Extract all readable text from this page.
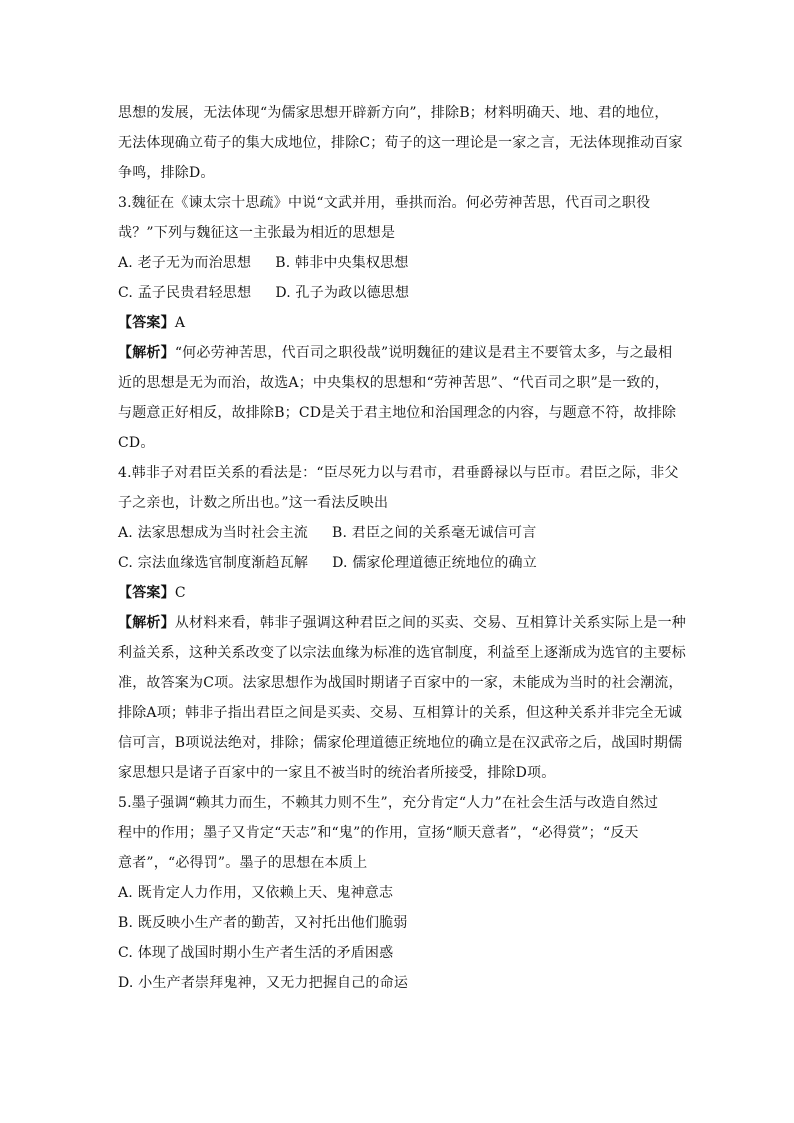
思想的发展，无法体现“为儒家思想开辟新方向”，排除B；材料明确天、地、君的地位，
无法体现确立荀子的集大成地位，排除C；荀子的这一理论是一家之言，无法体现推动百家
争鸣，排除D。
3.魏征在《谏太宗十思疏》中说“文武并用，垂拱而治。何必劳神苦思，代百司之职役
哉？”下列与魏征这一主张最为相近的思想是
A. 老子无为而治思想 B. 韩非中央集权思想
C. 孟子民贵君轻思想 D. 孔子为政以德思想
【答案】A
【解析】“何必劳神苦思，代百司之职役哉”说明魏征的建议是君主不要管太多，与之最相
近的思想是无为而治，故选A；中央集权的思想和“劳神苦思”、“代百司之职”是一致的，
与题意正好相反，故排除B；CD是关于君主地位和治国理念的内容，与题意不符，故排除
CD。
4.韩非子对君臣关系的看法是：“臣尽死力以与君市，君垂爵禄以与臣市。君臣之际，非父
子之亲也，计数之所出也。”这一看法反映出
A. 法家思想成为当时社会主流 B. 君臣之间的关系毫无诚信可言
C. 宗法血缘选官制度渐趋瓦解 D. 儒家伦理道德正统地位的确立
【答案】C
【解析】从材料来看，韩非子强调这种君臣之间的买卖、交易、互相算计关系实际上是一种
利益关系，这种关系改变了以宗法血缘为标准的选官制度，利益至上逐渐成为选官的主要标
准，故答案为C项。法家思想作为战国时期诸子百家中的一家，未能成为当时的社会潮流，
排除A项；韩非子指出君臣之间是买卖、交易、互相算计的关系，但这种关系并非完全无诚
信可言，B项说法绝对，排除；儒家伦理道德正统地位的确立是在汉武帝之后，战国时期儒
家思想只是诸子百家中的一家且不被当时的统治者所接受，排除D项。
5.墨子强调“赖其力而生，不赖其力则不生”，充分肯定“人力”在社会生活与改造自然过
程中的作用；墨子又肯定“天志”和“鬼”的作用，宣扬“顺天意者”，“必得赏”；“反天
意者”，“必得罚”。墨子的思想在本质上
A. 既肯定人力作用，又依赖上天、鬼神意志
B. 既反映小生产者的勤苦，又衬托出他们脆弱
C. 体现了战国时期小生产者生活的矛盾困惑
D. 小生产者崇拜鬼神，又无力把握自己的命运
